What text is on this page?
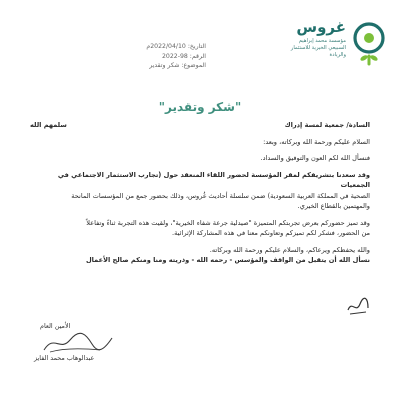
غروس
مؤسسة محمد إبراهيم
السبيعي الخيرية للاستثمار والريادة
التاريخ: 2022/04/10م
الرقم: 98-2022
الموضوع: شكر وتقدير
"شكر وتقدير"
السادة/ جمعية لمسة إدراك
سلمهم الله
السلام عليكم ورحمة الله وبركاته، وبعد:
فنسأل الله لكم العون والتوفيق والسداد.
وقد سعدنا بتشريفكم لمقر المؤسسة لحضور اللقاء المنعقد حول (تجارب الاستثمار الاجتماعي في الجمعيات
الصحية في المملكة العربية السعودية) ضمن سلسلة أحاديث غُروس، وذلك بحضور جمع من المؤسسات المانحة
والمهتمين بالقطاع الخيري.
وقد تميز حضوركم بعرض تجربتكم المتميزة "صيدلية جرعة شفاء الخيرية"، ولقيت هذه التجربة ثناءً وتفاعلاً
من الحضور، فشكر لكم تميزكم وتعاونكم معنا في هذه المشاركة الإثرائية.
والله يحفظكم ويرعاكم، والسلام عليكم ورحمة الله وبركاته.
نسأل الله أن يتقبل من الواقف والمؤسس - رحمه الله - وذريته ومنا ومنكم صالح الأعمال
الأمين العام
عبدالوهاب محمد الفايز
